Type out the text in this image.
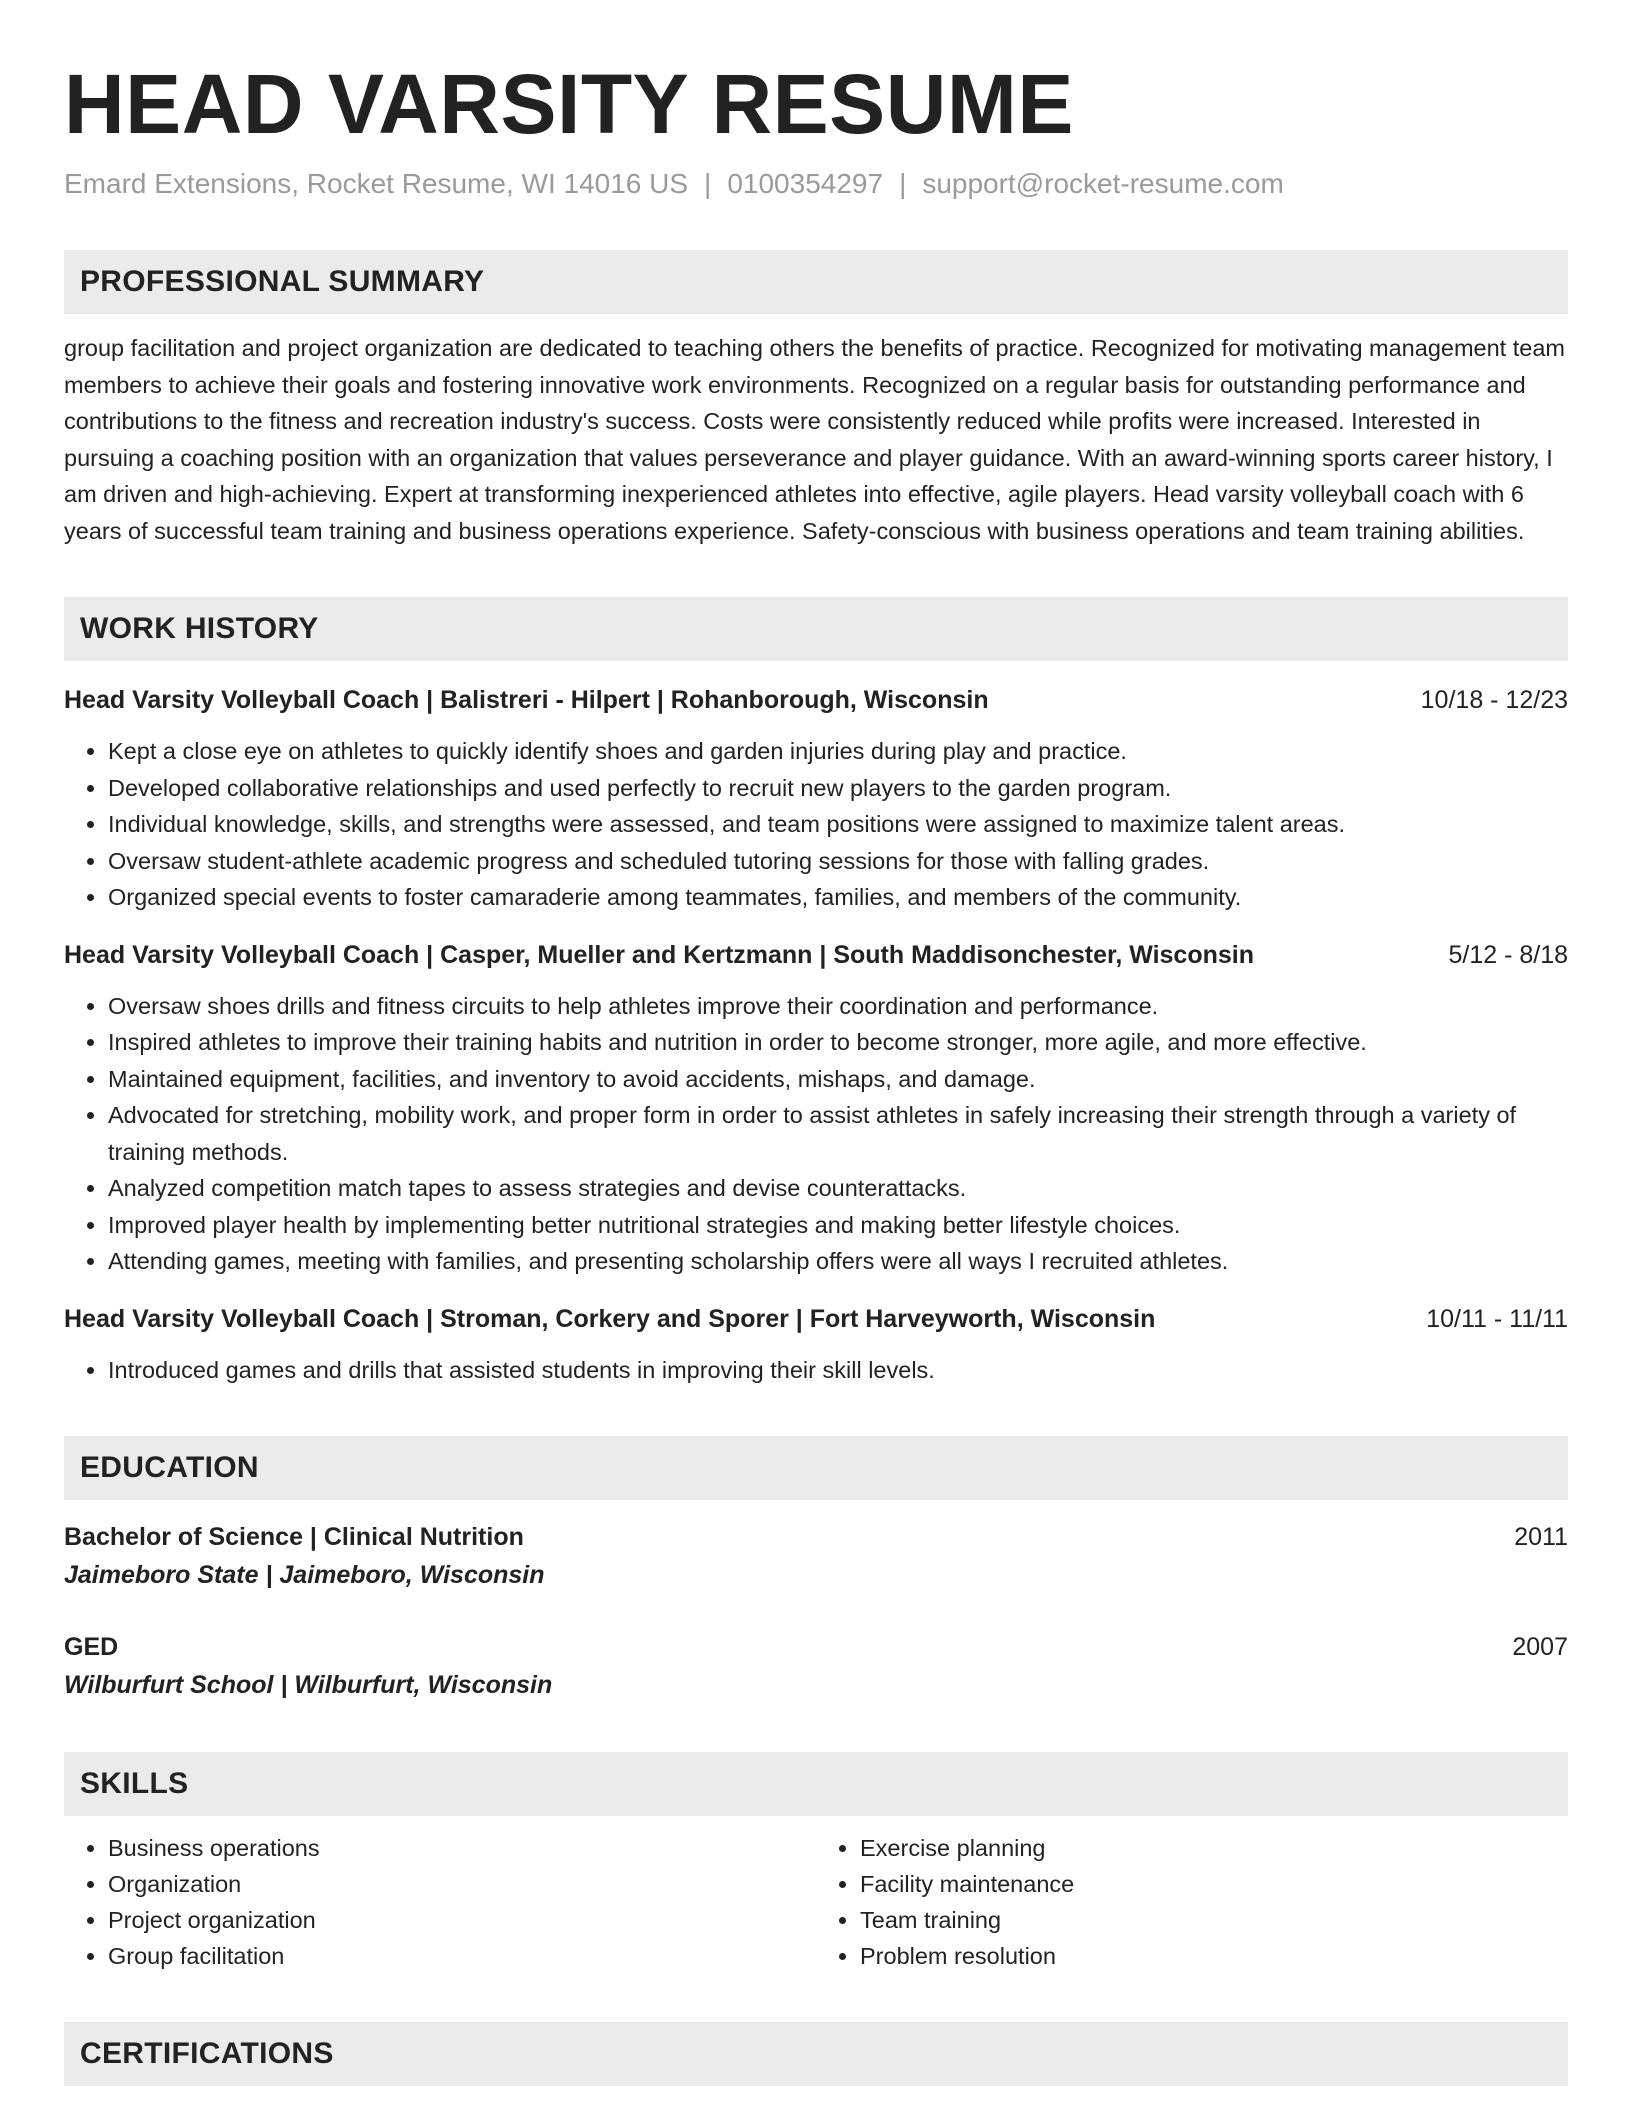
HEAD VARSITY RESUME
Emard Extensions, Rocket Resume, WI 14016 US | 0100354297 | support@rocket-resume.com
PROFESSIONAL SUMMARY
group facilitation and project organization are dedicated to teaching others the benefits of practice. Recognized for motivating management team members to achieve their goals and fostering innovative work environments. Recognized on a regular basis for outstanding performance and contributions to the fitness and recreation industry's success. Costs were consistently reduced while profits were increased. Interested in pursuing a coaching position with an organization that values perseverance and player guidance. With an award-winning sports career history, I am driven and high-achieving. Expert at transforming inexperienced athletes into effective, agile players. Head varsity volleyball coach with 6 years of successful team training and business operations experience. Safety-conscious with business operations and team training abilities.
WORK HISTORY
Head Varsity Volleyball Coach | Balistreri - Hilpert | Rohanborough, Wisconsin	10/18 - 12/23
• Kept a close eye on athletes to quickly identify shoes and garden injuries during play and practice.
• Developed collaborative relationships and used perfectly to recruit new players to the garden program.
• Individual knowledge, skills, and strengths were assessed, and team positions were assigned to maximize talent areas.
• Oversaw student-athlete academic progress and scheduled tutoring sessions for those with falling grades.
• Organized special events to foster camaraderie among teammates, families, and members of the community.
Head Varsity Volleyball Coach | Casper, Mueller and Kertzmann | South Maddisonchester, Wisconsin	5/12 - 8/18
• Oversaw shoes drills and fitness circuits to help athletes improve their coordination and performance.
• Inspired athletes to improve their training habits and nutrition in order to become stronger, more agile, and more effective.
• Maintained equipment, facilities, and inventory to avoid accidents, mishaps, and damage.
• Advocated for stretching, mobility work, and proper form in order to assist athletes in safely increasing their strength through a variety of training methods.
• Analyzed competition match tapes to assess strategies and devise counterattacks.
• Improved player health by implementing better nutritional strategies and making better lifestyle choices.
• Attending games, meeting with families, and presenting scholarship offers were all ways I recruited athletes.
Head Varsity Volleyball Coach | Stroman, Corkery and Sporer | Fort Harveyworth, Wisconsin	10/11 - 11/11
• Introduced games and drills that assisted students in improving their skill levels.
EDUCATION
Bachelor of Science | Clinical Nutrition	2011
Jaimeboro State | Jaimeboro, Wisconsin
GED	2007
Wilburfurt School | Wilburfurt, Wisconsin
SKILLS
• Business operations
• Organization
• Project organization
• Group facilitation
• Exercise planning
• Facility maintenance
• Team training
• Problem resolution
CERTIFICATIONS
